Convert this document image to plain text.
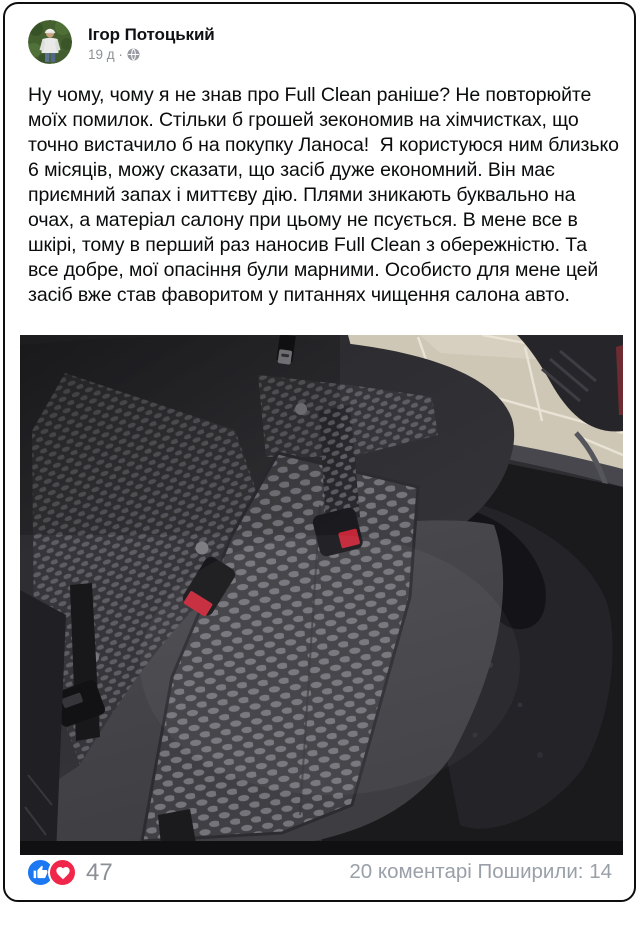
Ігор Потоцький
19 д ·
Ну чому, чому я не знав про Full Clean раніше? Не повторюйте моїх помилок. Стільки б грошей зекономив на хімчистках, що точно вистачило б на покупку Ланоса!  Я користуюся ним близько 6 місяців, можу сказати, що засіб дуже економний. Він має приємний запах і миттєву дію. Плями зникають буквально на очах, а матеріал салону при цьому не псується. В мене все в шкірі, тому в перший раз наносив Full Clean з обережністю. Та все добре, мої опасіння були марними. Особисто для мене цей засіб вже став фаворитом у питаннях чищення салона авто.
47	20 коментарі Поширили: 14
